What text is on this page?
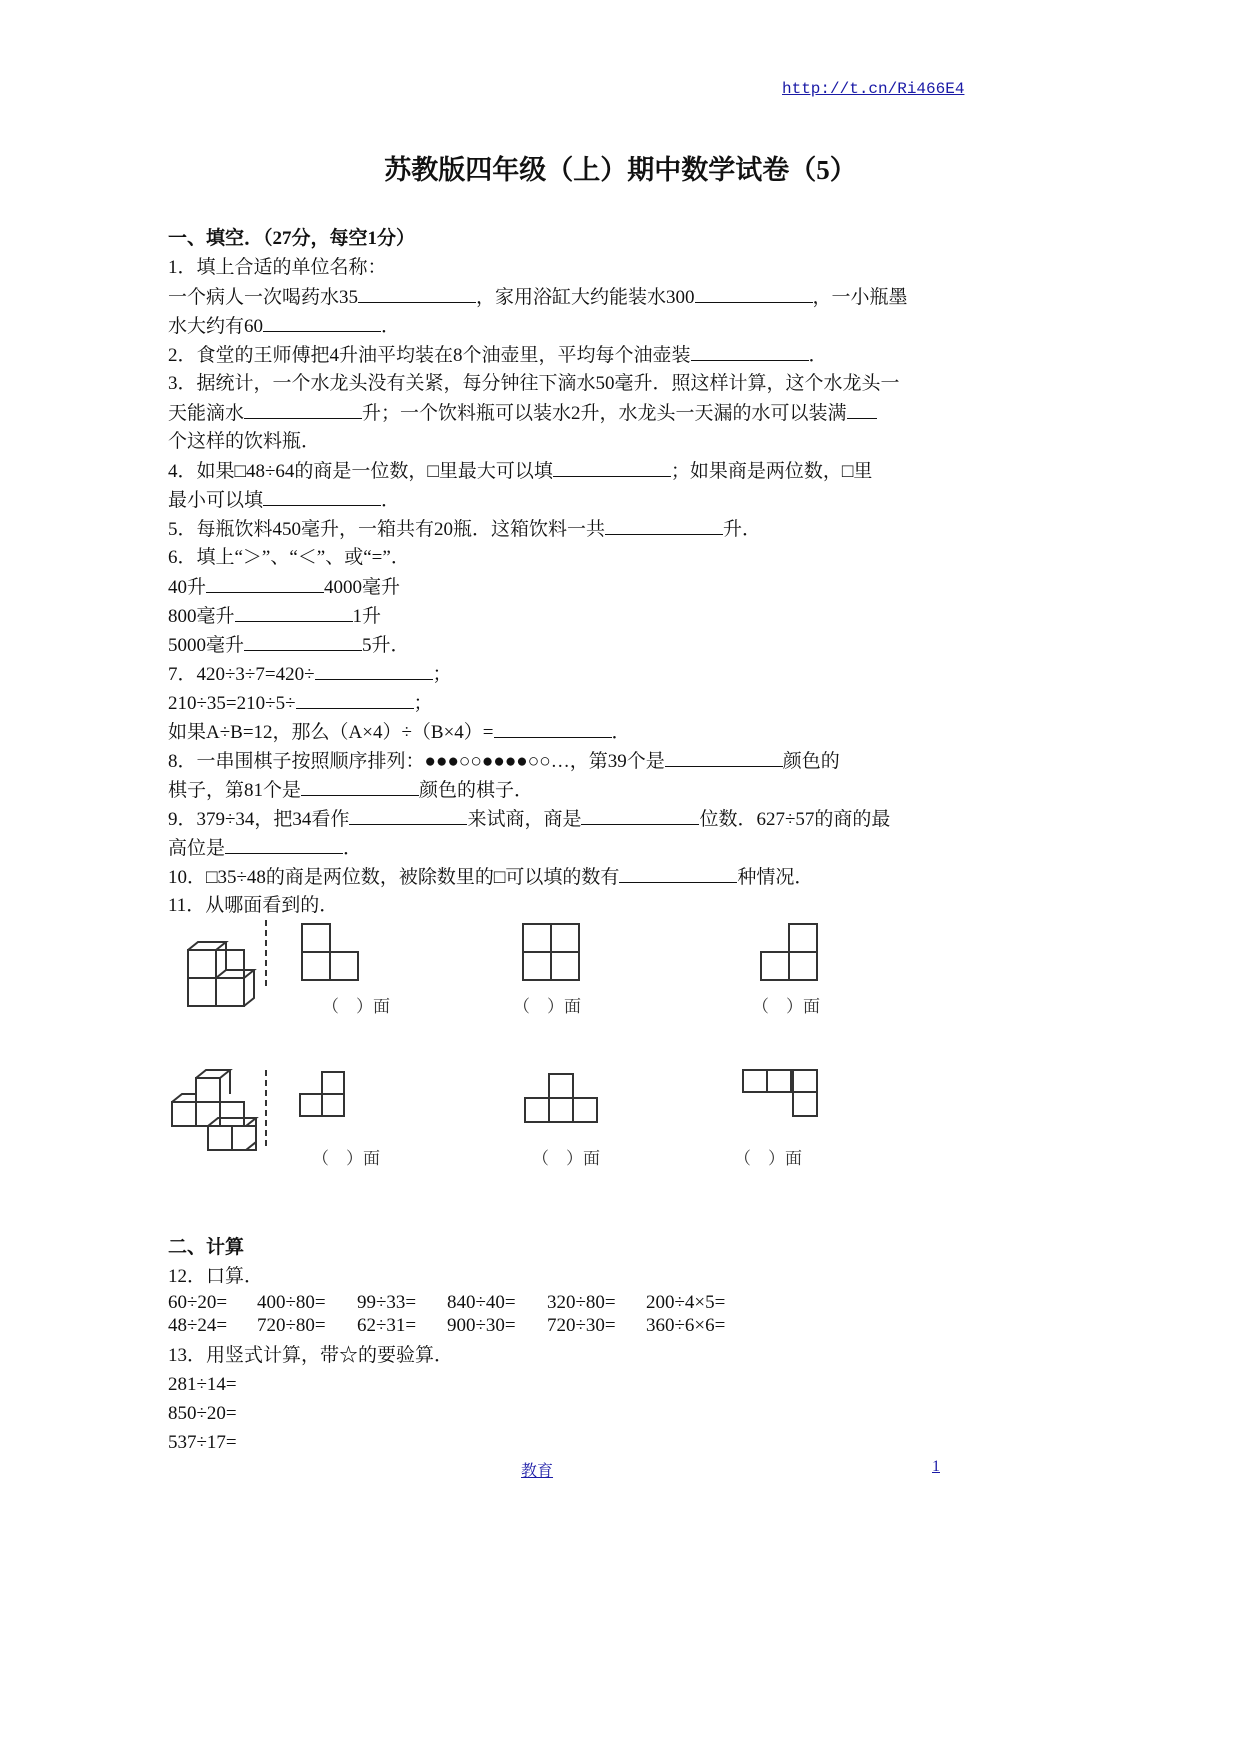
http://t.cn/Ri466E4
苏教版四年级（上）期中数学试卷（5）
一、填空．（27分，每空1分）
1．填上合适的单位名称：
一个病人一次喝药水35	，家用浴缸大约能装水300	，一小瓶墨
水大约有60	．
2．食堂的王师傅把4升油平均装在8个油壶里，平均每个油壶装	．
3．据统计，一个水龙头没有关紧，每分钟往下滴水50毫升．照这样计算，这个水龙头一
天能滴水	升；一个饮料瓶可以装水2升，水龙头一天漏的水可以装满
个这样的饮料瓶．
4．如果□48÷64的商是一位数，□里最大可以填	；如果商是两位数，□里
最小可以填	．
5．每瓶饮料450毫升，一箱共有20瓶．这箱饮料一共	升．
6．填上“＞”、“＜”、或“=”．
40升	4000毫升
800毫升	1升
5000毫升	5升．
7．420÷3÷7=420÷	；
210÷35=210÷5÷	；
如果A÷B=12，那么（A×4）÷（B×4）=	．
8．一串围棋子按照顺序排列：●●●○○●●●●○○…，第39个是	颜色的
棋子，第81个是	颜色的棋子．
9．379÷34，把34看作	来试商，商是	位数．627÷57的商的最
高位是	．
10．□35÷48的商是两位数，被除数里的□可以填的数有	种情况．
11．从哪面看到的．
（　）面	（　）面	（　）面
（　）面	（　）面	（　）面
二、计算
12．口算．
60÷20=	400÷80=	99÷33=	840÷40=	320÷80=	200÷4×5=
48÷24=	720÷80=	62÷31=	900÷30=	720÷30=	360÷6×6=
13．用竖式计算，带☆的要验算．
281÷14=
850÷20=
537÷17=
教育	1
